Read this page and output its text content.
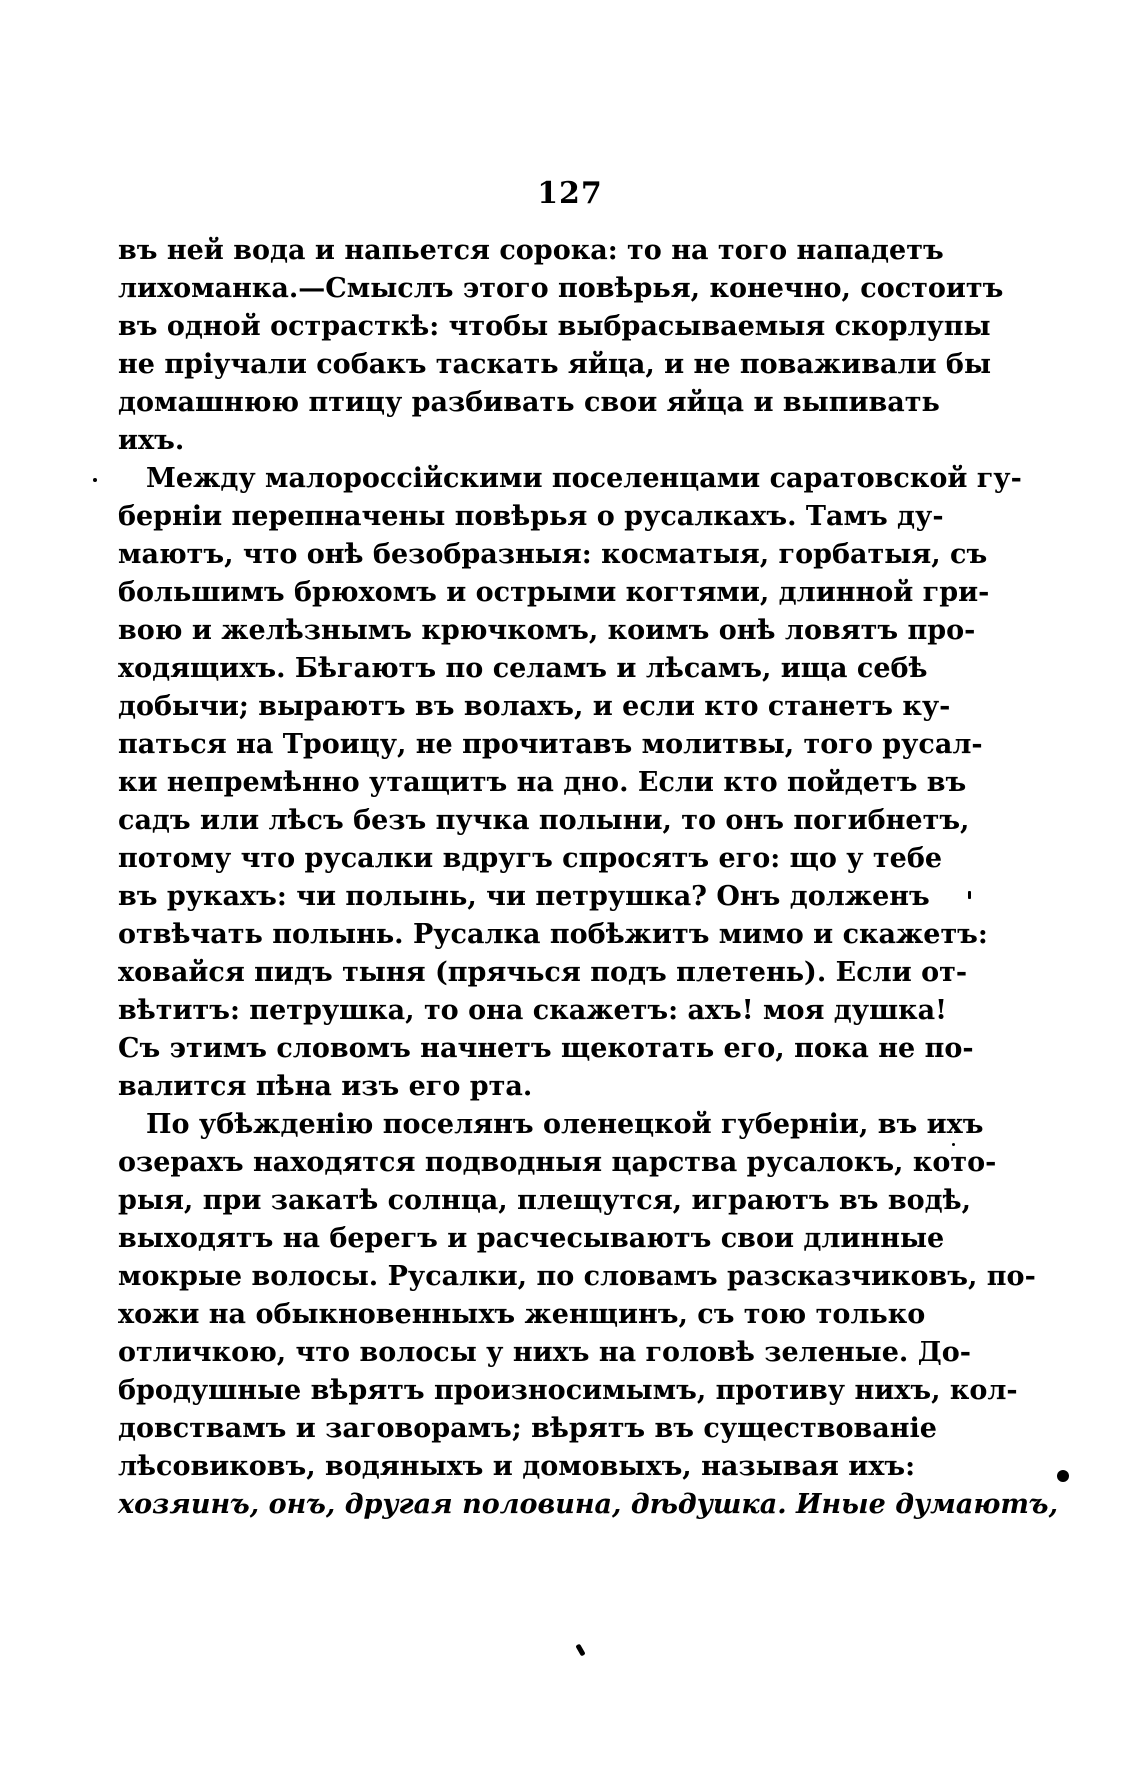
127
въ ней вода и напьется сорока: то на того нападетъ
лихоманка.—Смыслъ этого повѣрья, конечно, состоитъ
въ одной острасткѣ: чтобы выбрасываемыя скорлупы
не пріучали собакъ таскать яйца, и не поваживали бы
домашнюю птицу разбивать свои яйца и выпивать
ихъ.
Между малороссійскими поселенцами саратовской гу-
берніи перепначены повѣрья о русалкахъ. Тамъ ду-
маютъ, что онѣ безобразныя: косматыя, горбатыя, съ
большимъ брюхомъ и острыми когтями, длинной гри-
вою и желѣзнымъ крючкомъ, коимъ онѣ ловятъ про-
ходящихъ. Бѣгаютъ по селамъ и лѣсамъ, ища себѣ
добычи; выраютъ въ волахъ, и если кто станетъ ку-
паться на Троицу, не прочитавъ молитвы, того русал-
ки непремѣнно утащитъ на дно. Если кто пойдетъ въ
садъ или лѣсъ безъ пучка полыни, то онъ погибнетъ,
потому что русалки вдругъ спросятъ его: що у тебе
въ рукахъ: чи полынь, чи петрушка? Онъ долженъ
отвѣчать полынь. Русалка побѣжитъ мимо и скажетъ:
ховайся пидъ тыня (прячься подъ плетень). Если от-
вѣтитъ: петрушка, то она скажетъ: ахъ! моя душка!
Съ этимъ словомъ начнетъ щекотать его, пока не по-
валится пѣна изъ его рта.
По убѣжденію поселянъ оленецкой губерніи, въ ихъ
озерахъ находятся подводныя царства русалокъ, кото-
рыя, при закатѣ солнца, плещутся, играютъ въ водѣ,
выходятъ на берегъ и расчесываютъ свои длинные
мокрые волосы. Русалки, по словамъ разсказчиковъ, по-
хожи на обыкновенныхъ женщинъ, съ тою только
отличкою, что волосы у нихъ на головѣ зеленые. До-
бродушные вѣрятъ произносимымъ, противу нихъ, кол-
довствамъ и заговорамъ; вѣрятъ въ существованіе
лѣсовиковъ, водяныхъ и домовыхъ, называя ихъ:
хозяинъ, онъ, другая половина, дѣдушка. Иные думаютъ,
